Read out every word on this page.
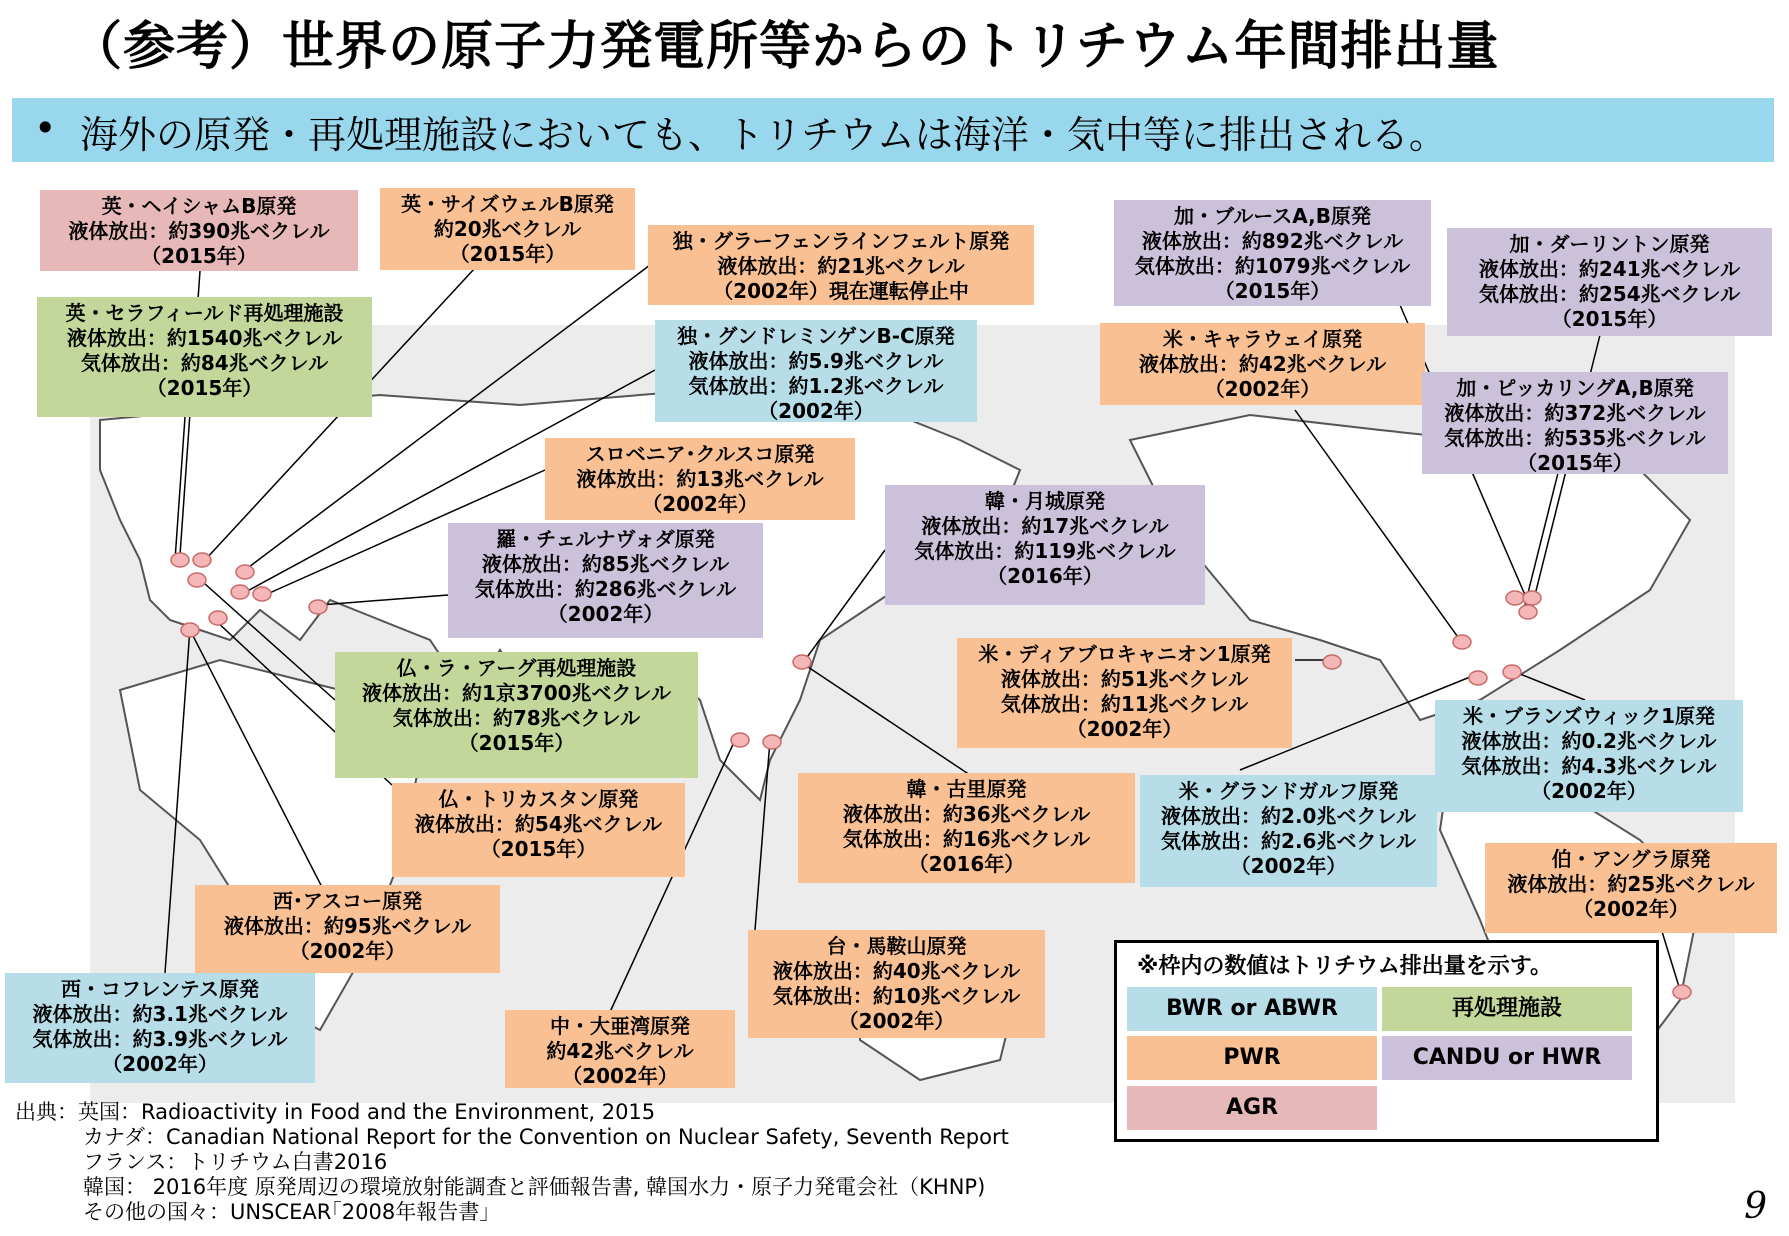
（参考）世界の原子力発電所等からのトリチウム年間排出量
• 海外の原発・再処理施設においても、トリチウムは海洋・気中等に排出される。
英・ヘイシャムB原発
液体放出：約390兆ベクレル
（2015年）
英・サイズウェルB原発
約20兆ベクレル
（2015年）
独・グラーフェンラインフェルト原発
液体放出：約21兆ベクレル
（2002年）現在運転停止中
英・セラフィールド再処理施設
液体放出：約1540兆ベクレル
気体放出：約84兆ベクレル
（2015年）
独・グンドレミンゲンB-C原発
液体放出：約5.9兆ベクレル
気体放出：約1.2兆ベクレル
（2002年）
スロベニア･クルスコ原発
液体放出：約13兆ベクレル
（2002年）
羅・チェルナヴォダ原発
液体放出：約85兆ベクレル
気体放出：約286兆ベクレル
（2002年）
仏・ラ・アーグ再処理施設
液体放出：約1京3700兆ベクレル
気体放出：約78兆ベクレル
（2015年）
仏・トリカスタン原発
液体放出：約54兆ベクレル
（2015年）
西･アスコー原発
液体放出：約95兆ベクレル
（2002年）
西・コフレンテス原発
液体放出：約3.1兆ベクレル
気体放出：約3.9兆ベクレル
（2002年）
中・大亜湾原発
約42兆ベクレル
（2002年）
台・馬鞍山原発
液体放出：約40兆ベクレル
気体放出：約10兆ベクレル
（2002年）
韓・古里原発
液体放出：約36兆ベクレル
気体放出：約16兆ベクレル
（2016年）
韓・月城原発
液体放出：約17兆ベクレル
気体放出：約119兆ベクレル
（2016年）
米・ディアブロキャニオン1原発
液体放出：約51兆ベクレル
気体放出：約11兆ベクレル
（2002年）
米・グランドガルフ原発
液体放出：約2.0兆ベクレル
気体放出：約2.6兆ベクレル
（2002年）
加・ブルースA,B原発
液体放出：約892兆ベクレル
気体放出：約1079兆ベクレル
（2015年）
米・キャラウェイ原発
液体放出：約42兆ベクレル
（2002年）
加・ダーリントン原発
液体放出：約241兆ベクレル
気体放出：約254兆ベクレル
（2015年）
加・ピッカリングA,B原発
液体放出：約372兆ベクレル
気体放出：約535兆ベクレル
（2015年）
米・ブランズウィック1原発
液体放出：約0.2兆ベクレル
気体放出：約4.3兆ベクレル
（2002年）
伯・アングラ原発
液体放出：約25兆ベクレル
（2002年）
※枠内の数値はトリチウム排出量を示す。
BWR or ABWR	再処理施設
PWR	CANDU or HWR
AGR
出典：英国：Radioactivity in Food and the Environment, 2015
カナダ：Canadian National Report for the Convention on Nuclear Safety, Seventh Report
フランス：トリチウム白書2016
韓国： 2016年度 原発周辺の環境放射能調査と評価報告書, 韓国水力・原子力発電会社（KHNP)
その他の国々：UNSCEAR｢2008年報告書｣	9
